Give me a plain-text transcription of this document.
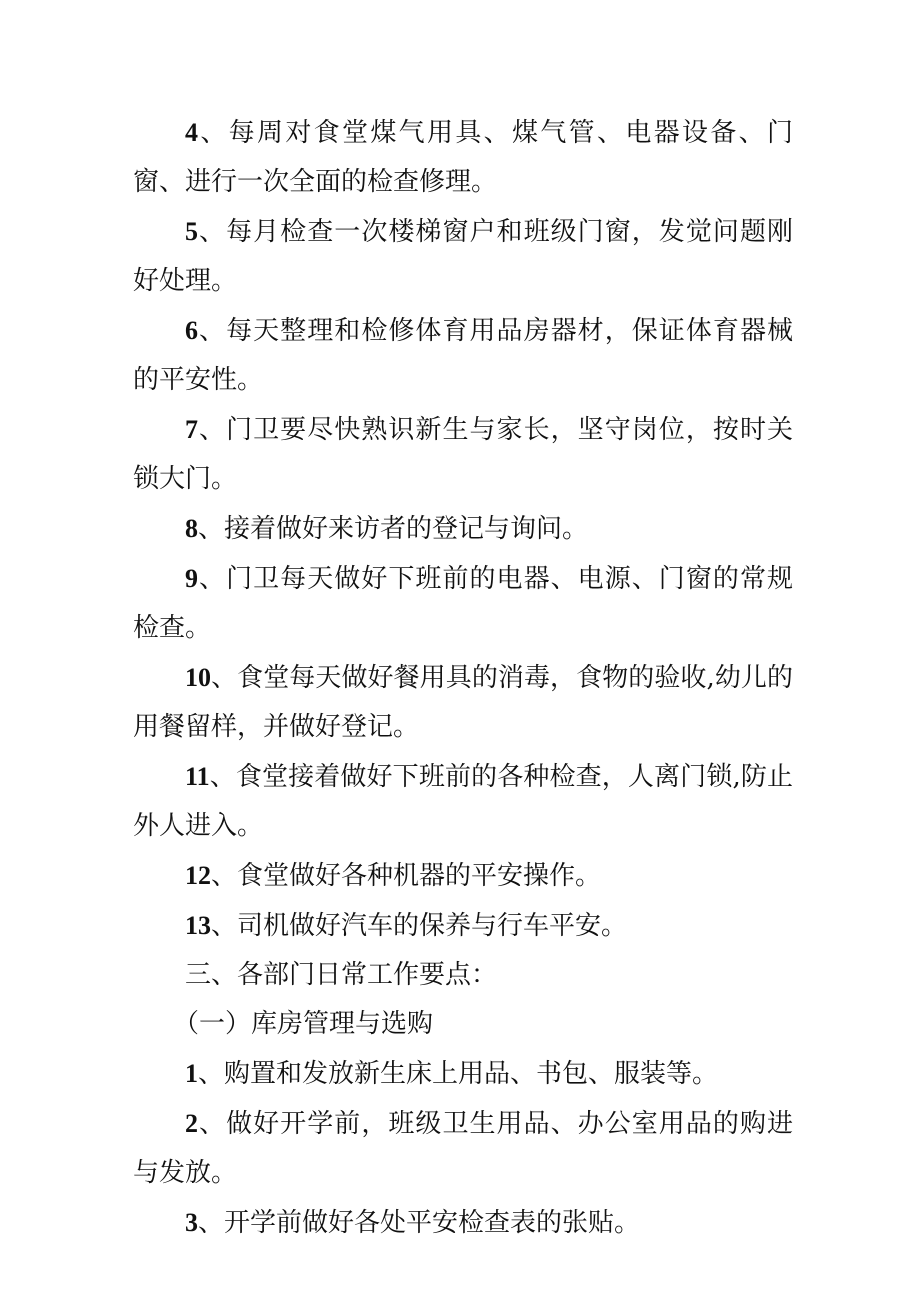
4、每周对食堂煤气用具、煤气管、电器设备、门窗、进行一次全面的检查修理。

5、每月检查一次楼梯窗户和班级门窗，发觉问题刚好处理。

6、每天整理和检修体育用品房器材，保证体育器械的平安性。

7、门卫要尽快熟识新生与家长，坚守岗位，按时关锁大门。

8、接着做好来访者的登记与询问。

9、门卫每天做好下班前的电器、电源、门窗的常规检查。

10、食堂每天做好餐用具的消毒，食物的验收,幼儿的用餐留样，并做好登记。

11、食堂接着做好下班前的各种检查，人离门锁,防止外人进入。

12、食堂做好各种机器的平安操作。

13、司机做好汽车的保养与行车平安。

三、各部门日常工作要点：

（一）库房管理与选购

1、购置和发放新生床上用品、书包、服装等。

2、做好开学前，班级卫生用品、办公室用品的购进与发放。

3、开学前做好各处平安检查表的张贴。
